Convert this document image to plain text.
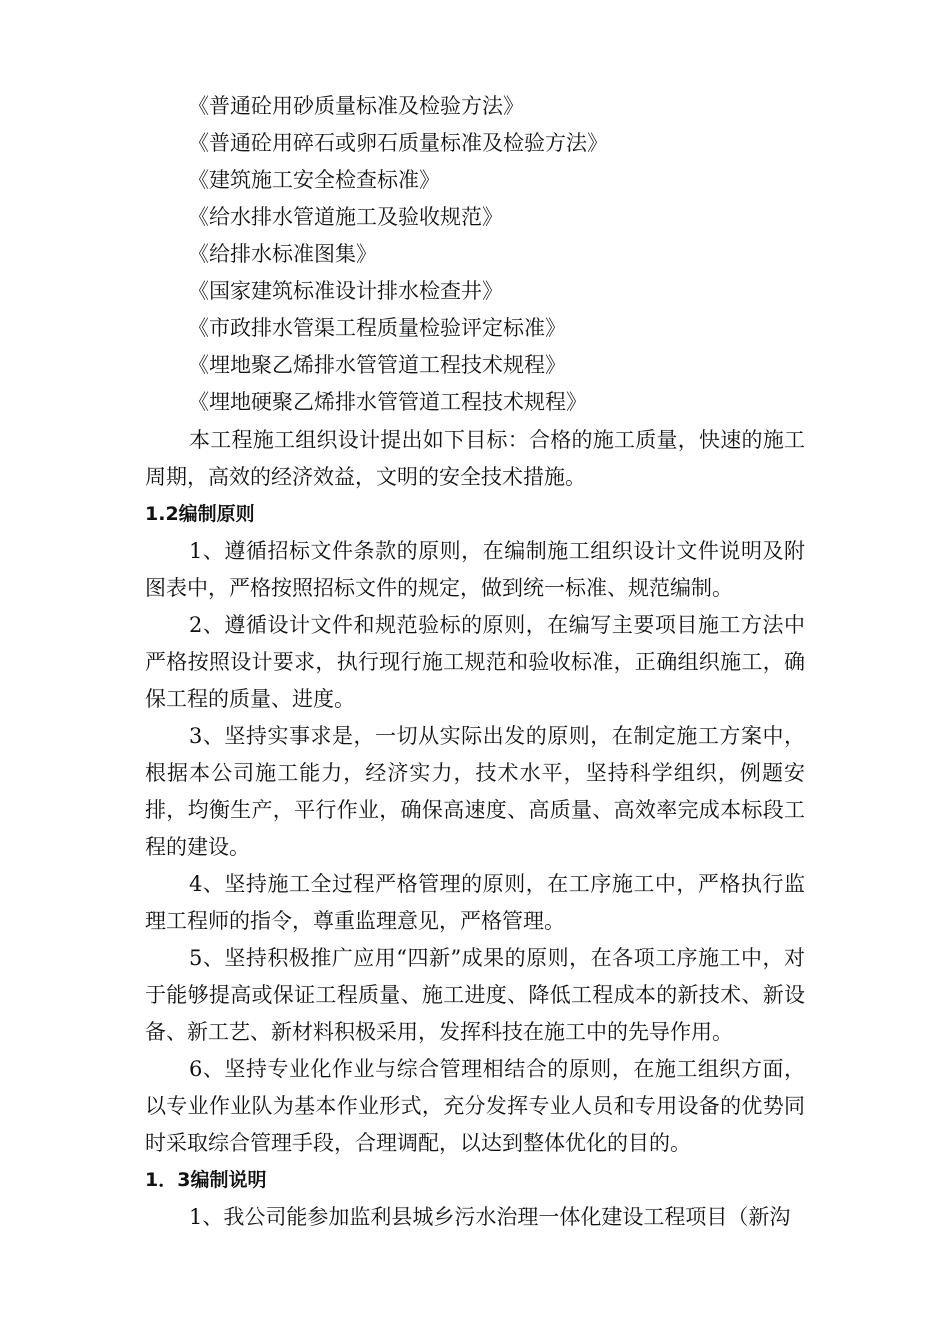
《普通砼用砂质量标准及检验方法》
《普通砼用碎石或卵石质量标准及检验方法》
《建筑施工安全检查标准》
《给水排水管道施工及验收规范》
《给排水标准图集》
《国家建筑标准设计排水检查井》
《市政排水管渠工程质量检验评定标准》
《埋地聚乙烯排水管管道工程技术规程》
《埋地硬聚乙烯排水管管道工程技术规程》

本工程施工组织设计提出如下目标：合格的施工质量，快速的施工周期，高效的经济效益，文明的安全技术措施。

1.2编制原则

1、遵循招标文件条款的原则，在编制施工组织设计文件说明及附图表中，严格按照招标文件的规定，做到统一标准、规范编制。

2、遵循设计文件和规范验标的原则，在编写主要项目施工方法中严格按照设计要求，执行现行施工规范和验收标准，正确组织施工，确保工程的质量、进度。

3、坚持实事求是，一切从实际出发的原则，在制定施工方案中，根据本公司施工能力，经济实力，技术水平，坚持科学组织，例题安排，均衡生产，平行作业，确保高速度、高质量、高效率完成本标段工程的建设。

4、坚持施工全过程严格管理的原则，在工序施工中，严格执行监理工程师的指令，尊重监理意见，严格管理。

5、坚持积极推广应用“四新”成果的原则，在各项工序施工中，对于能够提高或保证工程质量、施工进度、降低工程成本的新技术、新设备、新工艺、新材料积极采用，发挥科技在施工中的先导作用。

6、坚持专业化作业与综合管理相结合的原则，在施工组织方面，以专业作业队为基本作业形式，充分发挥专业人员和专用设备的优势同时采取综合管理手段，合理调配，以达到整体优化的目的。

1．3编制说明

1、我公司能参加监利县城乡污水治理一体化建设工程项目（新沟
